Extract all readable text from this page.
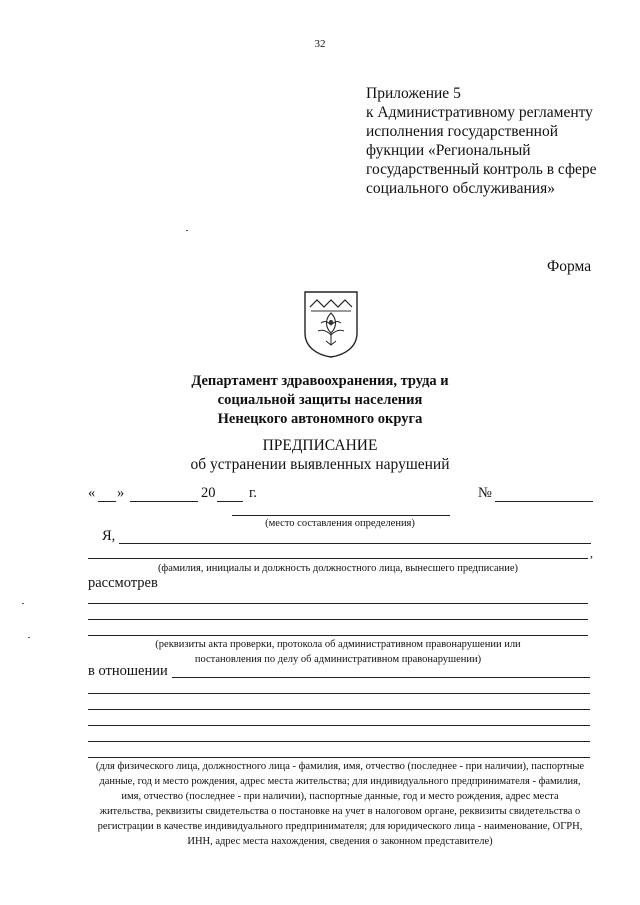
32
Приложение 5
к Административному регламенту
исполнения государственной
фукнции «Региональный
государственный контроль в сфере
социального обслуживания»
Форма
Департамент здравоохранения, труда и
социальной защиты населения
Ненецкого автономного округа
ПРЕДПИСАНИЕ
об устранении выявленных нарушений
« »	20 г.	№
(место составления определения)
Я,
,
(фамилия, инициалы и должность должностного лица, вынесшего предписание)
рассмотрев
(реквизиты акта проверки, протокола об административном правонарушении или
постановления по делу об административном правонарушении)
в отношении
(для физического лица, должностного лица - фамилия, имя, отчество (последнее - при наличии), паспортные
данные, год и место рождения, адрес места жительства; для индивидуального предпринимателя - фамилия,
имя, отчество (последнее - при наличии), паспортные данные, год и место рождения, адрес места
жительства, реквизиты свидетельства о постановке на учет в налоговом органе, реквизиты свидетельства о
регистрации в качестве индивидуального предпринимателя; для юридического лица - наименование, ОГРН,
ИНН, адрес места нахождения, сведения о законном представителе)
